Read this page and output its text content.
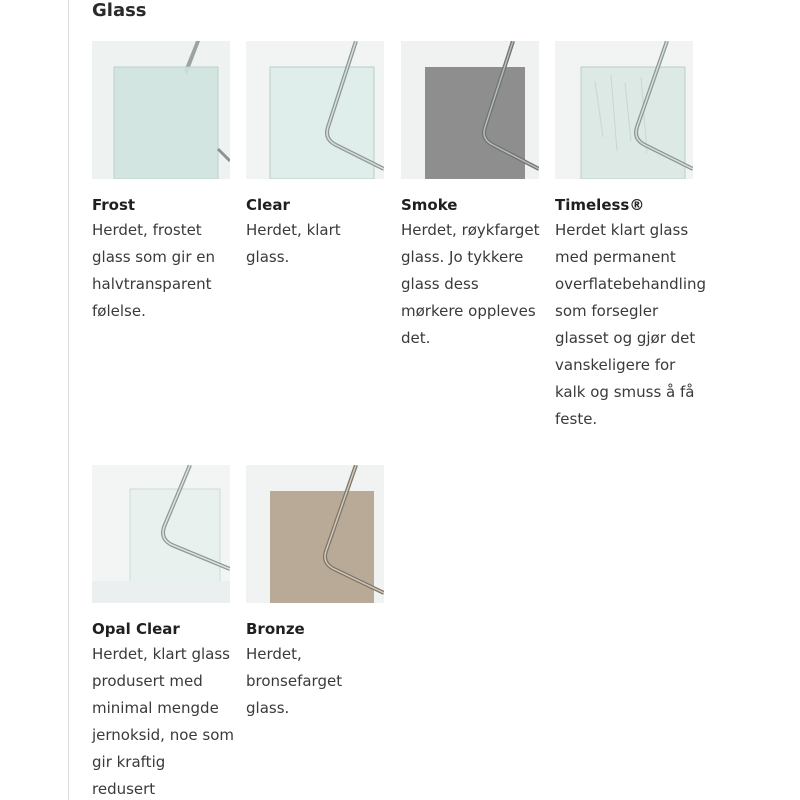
Glass
Frost

Herdet, frostet
glass som gir en
halvtransparent
følelse.

Clear

Herdet, klart
glass.

Smoke

Herdet, røykfarget
glass. Jo tykkere
glass dess
mørkere oppleves
det.

Timeless®

Herdet klart glass
med permanent
overflatebehandling
som forsegler
glasset og gjør det
vanskeligere for
kalk og smuss å få
feste.

Opal Clear

Herdet, klart glass
produsert med
minimal mengde
jernoksid, noe som
gir kraftig
redusert

Bronze

Herdet,
bronsefarget
glass.
